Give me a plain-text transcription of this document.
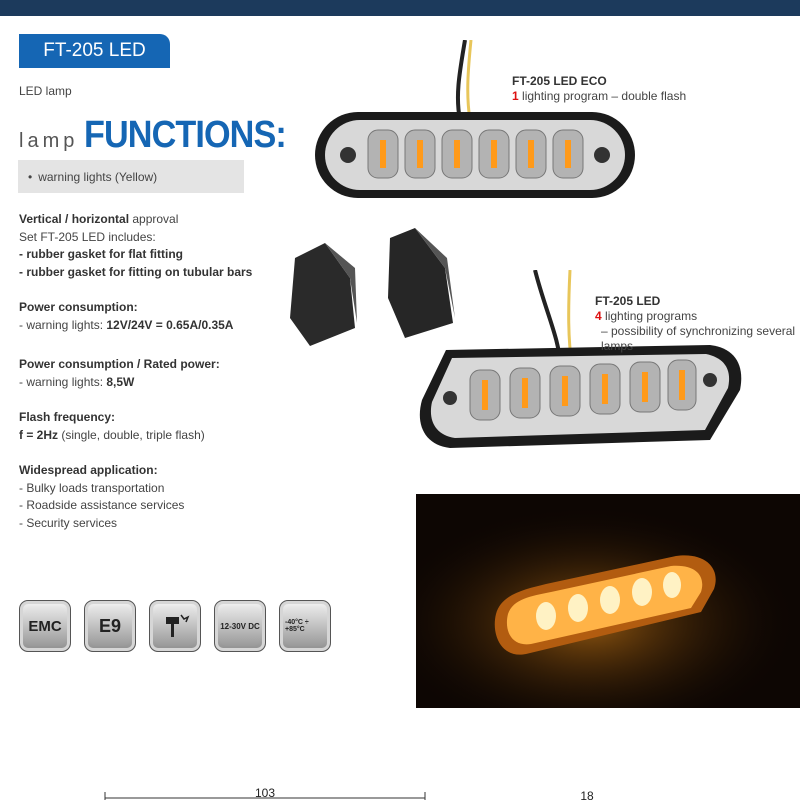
FT-205 LED
LED lamp
lamp FUNCTIONS:
• warning lights (Yellow)
Vertical / horizontal approval
Set FT-205 LED includes:
- rubber gasket for flat fitting
- rubber gasket for fitting on tubular bars
Power consumption:
- warning lights: 12V/24V = 0.65A/0.35A
Power consumption / Rated power:
- warning lights: 8,5W
Flash frequency:
f = 2Hz (single, double, triple flash)
Widespread application:
- Bulky loads transportation
- Roadside assistance services
- Security services
EMC	E9	12-30V DC	-40°C ÷ +85°C
FT-205 LED ECO
1 lighting program – double flash
FT-205 LED
4 lighting programs
– possibility of synchronizing several lamps
103	18
